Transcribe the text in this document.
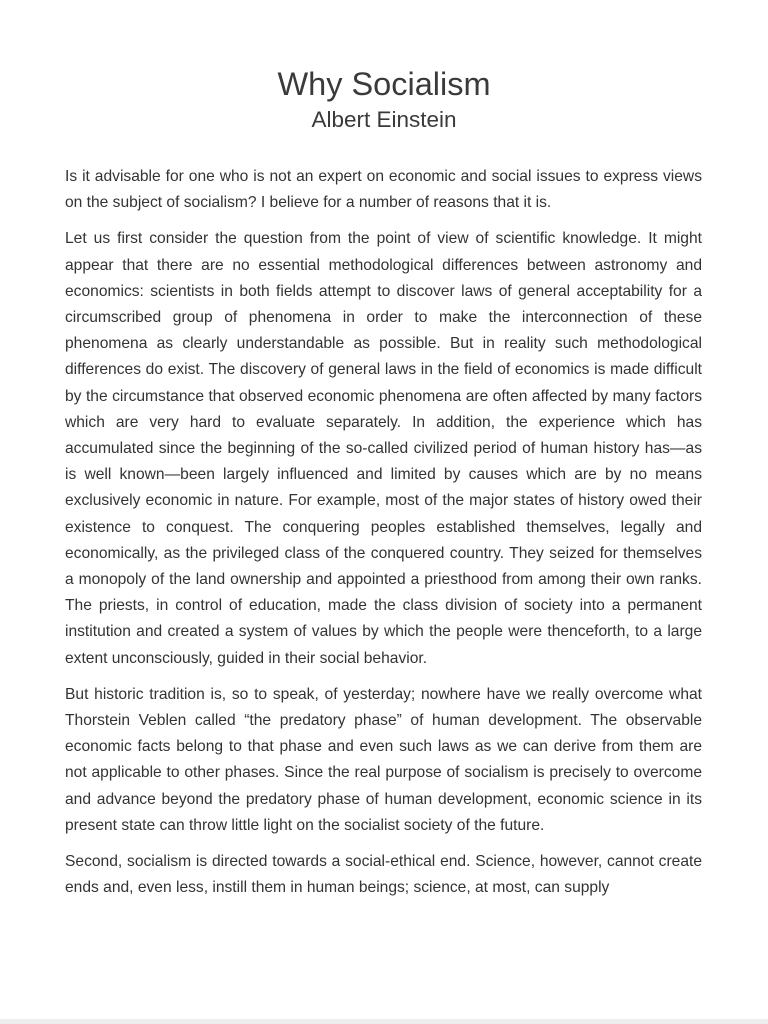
Why Socialism
Albert Einstein

Is it advisable for one who is not an expert on economic and social issues to express views on the subject of socialism? I believe for a number of reasons that it is.

Let us first consider the question from the point of view of scientific knowledge. It might appear that there are no essential methodological differences between astronomy and economics: scientists in both fields attempt to discover laws of general acceptability for a circumscribed group of phenomena in order to make the interconnection of these phenomena as clearly understandable as possible. But in reality such methodological differences do exist. The discovery of general laws in the field of economics is made difficult by the circumstance that observed economic phenomena are often affected by many factors which are very hard to evaluate separately. In addition, the experience which has accumulated since the beginning of the so-called civilized period of human history has—as is well known—been largely influenced and limited by causes which are by no means exclusively economic in nature. For example, most of the major states of history owed their existence to conquest. The conquering peoples established themselves, legally and economically, as the privileged class of the conquered country. They seized for themselves a monopoly of the land ownership and appointed a priesthood from among their own ranks. The priests, in control of education, made the class division of society into a permanent institution and created a system of values by which the people were thenceforth, to a large extent unconsciously, guided in their social behavior.

But historic tradition is, so to speak, of yesterday; nowhere have we really overcome what Thorstein Veblen called “the predatory phase” of human development. The observable economic facts belong to that phase and even such laws as we can derive from them are not applicable to other phases. Since the real purpose of socialism is precisely to overcome and advance beyond the predatory phase of human development, economic science in its present state can throw little light on the socialist society of the future.

Second, socialism is directed towards a social-ethical end. Science, however, cannot create ends and, even less, instill them in human beings; science, at most, can supply
